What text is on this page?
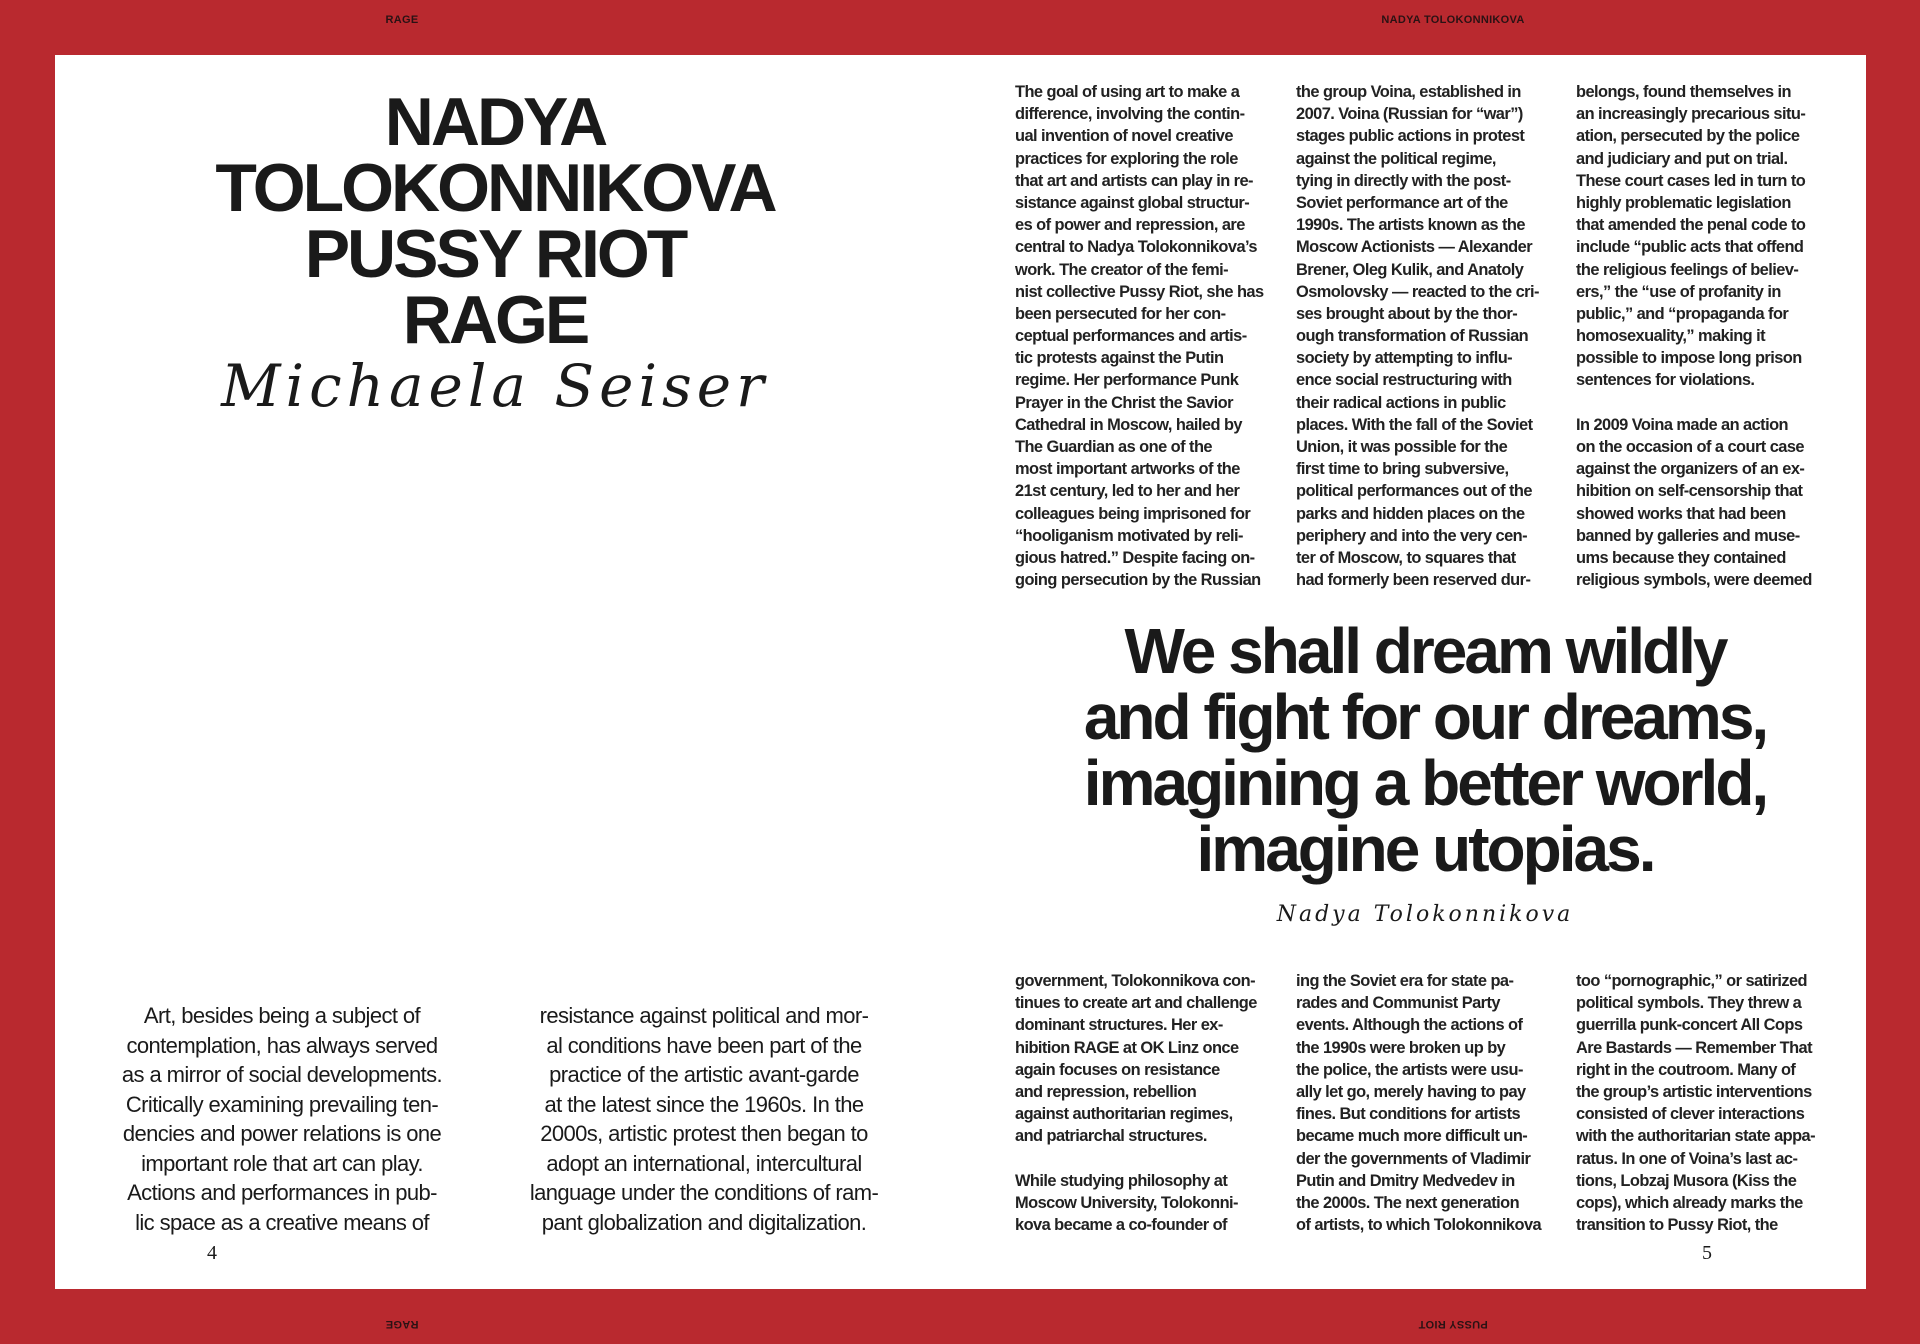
RAGE	NADYA TOLOKONNIKOVA
RAGE	PUSSY RIOT
NADYA
TOLOKONNIKOVA
PUSSY RIOT
RAGE
Michaela Seiser
Art, besides being a subject of
contemplation, has always served
as a mirror of social developments.
Critically examining prevailing ten-
dencies and power relations is one
important role that art can play.
Actions and performances in pub-
lic space as a creative means of
resistance against political and mor-
al conditions have been part of the
practice of the artistic avant-garde
at the latest since the 1960s. In the
2000s, artistic protest then began to
adopt an international, intercultural
language under the conditions of ram-
pant globalization and digitalization.
The goal of using art to make a
difference, involving the contin-
ual invention of novel creative
practices for exploring the role
that art and artists can play in re-
sistance against global structur-
es of power and repression, are
central to Nadya Tolokonnikova’s
work. The creator of the femi-
nist collective Pussy Riot, she has
been persecuted for her con-
ceptual performances and artis-
tic protests against the Putin
regime. Her performance Punk
Prayer in the Christ the Savior
Cathedral in Moscow, hailed by
The Guardian as one of the
most important artworks of the
21st century, led to her and her
colleagues being imprisoned for
“hooliganism motivated by reli-
gious hatred.” Despite facing on-
going persecution by the Russian
the group Voina, established in
2007. Voina (Russian for “war”)
stages public actions in protest
against the political regime,
tying in directly with the post-
Soviet performance art of the
1990s. The artists known as the
Moscow Actionists — Alexander
Brener, Oleg Kulik, and Anatoly
Osmolovsky — reacted to the cri-
ses brought about by the thor-
ough transformation of Russian
society by attempting to influ-
ence social restructuring with
their radical actions in public
places. With the fall of the Soviet
Union, it was possible for the
first time to bring subversive,
political performances out of the
parks and hidden places on the
periphery and into the very cen-
ter of Moscow, to squares that
had formerly been reserved dur-
belongs, found themselves in
an increasingly precarious situ-
ation, persecuted by the police
and judiciary and put on trial.
These court cases led in turn to
highly problematic legislation
that amended the penal code to
include “public acts that offend
the religious feelings of believ-
ers,” the “use of profanity in
public,” and “propaganda for
homosexuality,” making it
possible to impose long prison
sentences for violations.
In 2009 Voina made an action
on the occasion of a court case
against the organizers of an ex-
hibition on self-censorship that
showed works that had been
banned by galleries and muse-
ums because they contained
religious symbols, were deemed
We shall dream wildly
and fight for our dreams,
imagining a better world,
imagine utopias.
Nadya Tolokonnikova
government, Tolokonnikova con-
tinues to create art and challenge
dominant structures. Her ex-
hibition RAGE at OK Linz once
again focuses on resistance
and repression, rebellion
against authoritarian regimes,
and patriarchal structures.
While studying philosophy at
Moscow University, Tolokonni-
kova became a co-founder of
ing the Soviet era for state pa-
rades and Communist Party
events. Although the actions of
the 1990s were broken up by
the police, the artists were usu-
ally let go, merely having to pay
fines. But conditions for artists
became much more difficult un-
der the governments of Vladimir
Putin and Dmitry Medvedev in
the 2000s. The next generation
of artists, to which Tolokonnikova
too “pornographic,” or satirized
political symbols. They threw a
guerrilla punk-concert All Cops
Are Bastards — Remember That
right in the coutroom. Many of
the group’s artistic interventions
consisted of clever interactions
with the authoritarian state appa-
ratus. In one of Voina’s last ac-
tions, Lobzaj Musora (Kiss the
cops), which already marks the
transition to Pussy Riot, the
4	5
